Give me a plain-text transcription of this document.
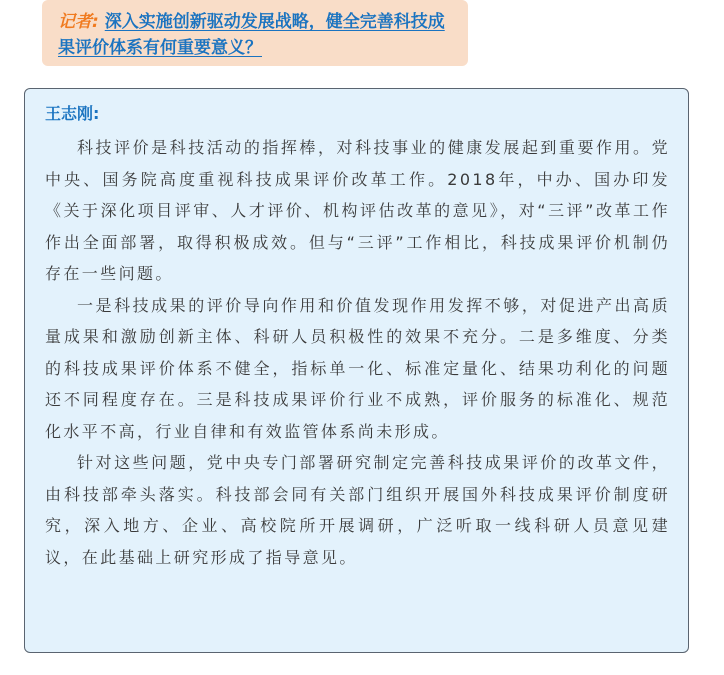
记者: 深入实施创新驱动发展战略，健全完善科技成果评价体系有何重要意义？
王志刚:

科技评价是科技活动的指挥棒，对科技事业的健康发展起到重要作用。党中央、国务院高度重视科技成果评价改革工作。2018年，中办、国办印发《关于深化项目评审、人才评价、机构评估改革的意见》，对“三评”改革工作作出全面部署，取得积极成效。但与“三评”工作相比，科技成果评价机制仍存在一些问题。

一是科技成果的评价导向作用和价值发现作用发挥不够，对促进产出高质量成果和激励创新主体、科研人员积极性的效果不充分。二是多维度、分类的科技成果评价体系不健全，指标单一化、标准定量化、结果功利化的问题还不同程度存在。三是科技成果评价行业不成熟，评价服务的标准化、规范化水平不高，行业自律和有效监管体系尚未形成。

针对这些问题，党中央专门部署研究制定完善科技成果评价的改革文件，由科技部牵头落实。科技部会同有关部门组织开展国外科技成果评价制度研究，深入地方、企业、高校院所开展调研，广泛听取一线科研人员意见建议，在此基础上研究形成了指导意见。
